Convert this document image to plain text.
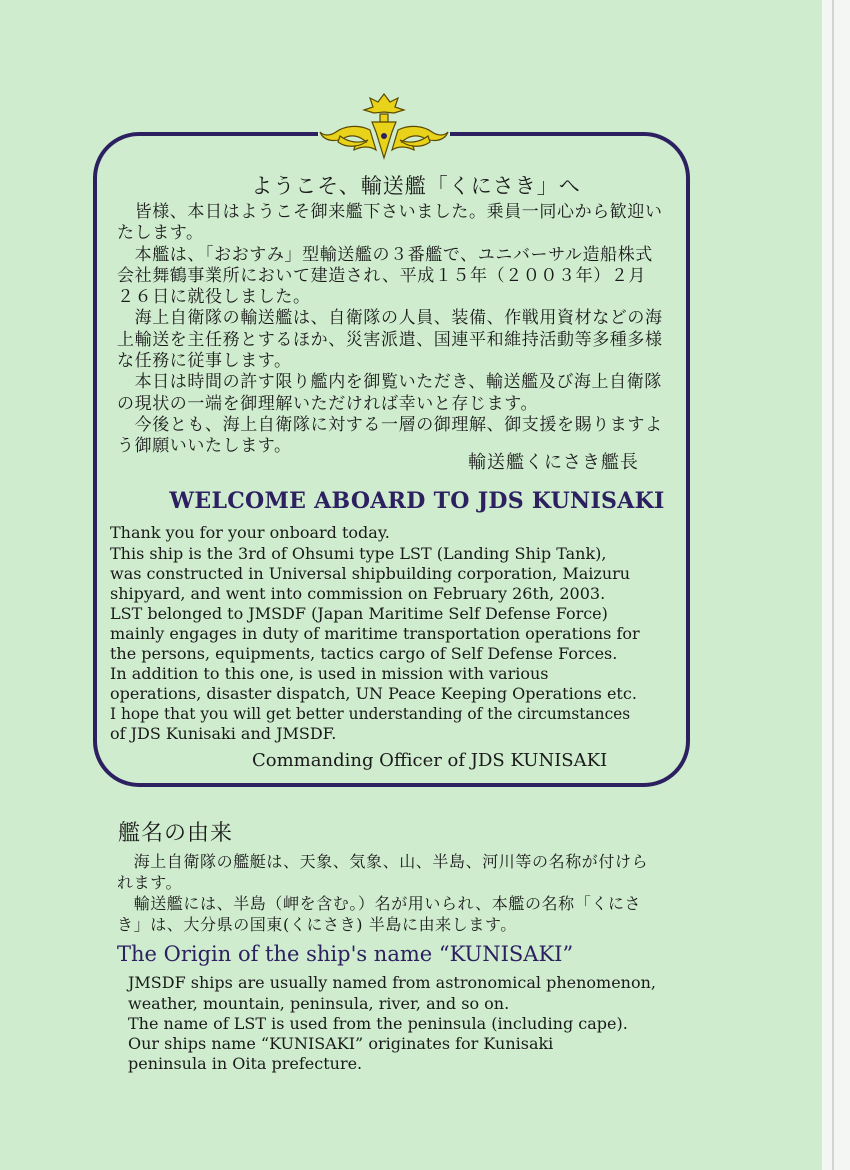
ようこそ、輸送艦「くにさき」へ
　皆様、本日はようこそ御来艦下さいました。乗員一同心から歓迎い
たします。
　本艦は、「おおすみ」型輸送艦の３番艦で、ユニバーサル造船株式
会社舞鶴事業所において建造され、平成１５年（２００３年）２月
２６日に就役しました。
　海上自衛隊の輸送艦は、自衛隊の人員、装備、作戦用資材などの海
上輸送を主任務とするほか、災害派遣、国連平和維持活動等多種多様
な任務に従事します。
　本日は時間の許す限り艦内を御覧いただき、輸送艦及び海上自衛隊
の現状の一端を御理解いただければ幸いと存じます。
　今後とも、海上自衛隊に対する一層の御理解、御支援を賜りますよ
う御願いいたします。
輸送艦くにさき艦長
WELCOME ABOARD TO JDS KUNISAKI
Thank you for your onboard today.
This ship is the 3rd of Ohsumi type LST (Landing Ship Tank),
was constructed in Universal shipbuilding corporation, Maizuru
shipyard, and went into commission on February 26th, 2003.
LST belonged to JMSDF (Japan Maritime Self Defense Force)
mainly engages in duty of maritime transportation operations for
the persons, equipments, tactics cargo of Self Defense Forces.
In addition to this one, is used in mission with various
operations, disaster dispatch, UN Peace Keeping Operations etc.
I hope that you will get better understanding of the circumstances
of JDS Kunisaki and JMSDF.
Commanding Officer of JDS KUNISAKI
艦名の由来
　海上自衛隊の艦艇は、天象、気象、山、半島、河川等の名称が付けら
れます。
　輸送艦には、半島（岬を含む。）名が用いられ、本艦の名称「くにさ
き」は、大分県の国東(くにさき) 半島に由来します。
The Origin of the ship's name “KUNISAKI”
JMSDF ships are usually named from astronomical phenomenon,
weather, mountain, peninsula, river, and so on.
The name of LST is used from the peninsula (including cape).
Our ships name “KUNISAKI” originates for Kunisaki
peninsula in Oita prefecture.
